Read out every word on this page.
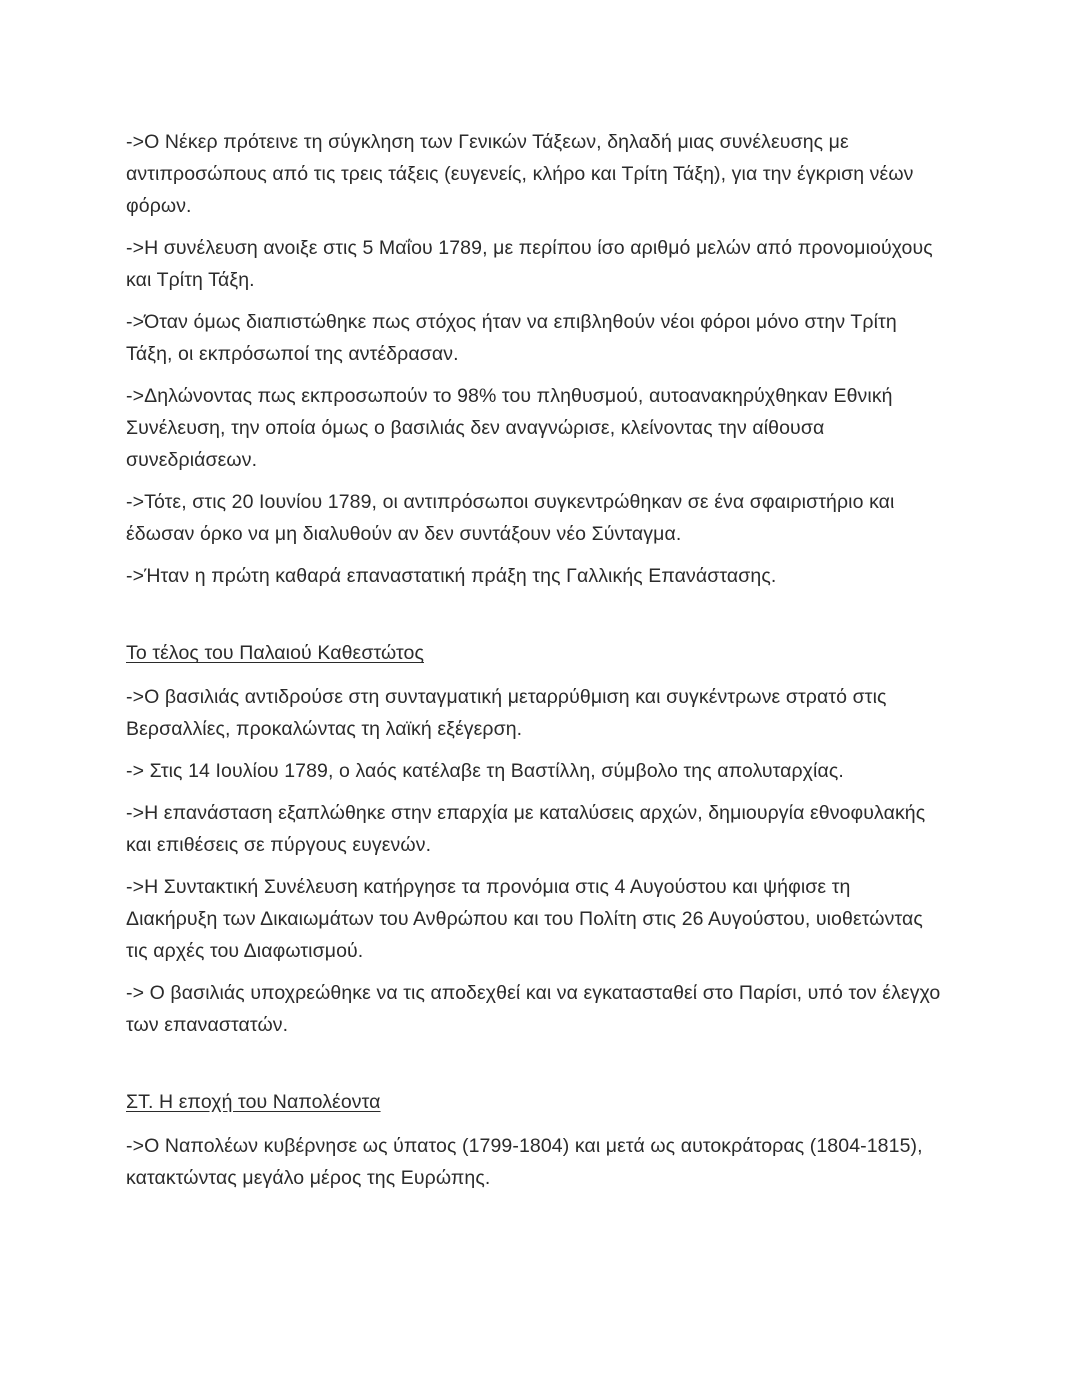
->Ο Νέκερ πρότεινε τη σύγκληση των Γενικών Τάξεων, δηλαδή μιας συνέλευσης με αντιπροσώπους από τις τρεις τάξεις (ευγενείς, κλήρο και Τρίτη Τάξη), για την έγκριση νέων φόρων.

->Η συνέλευση ανοιξε στις 5 Μαΐου 1789, με περίπου ίσο αριθμό μελών από προνομιούχους και Τρίτη Τάξη.

->Όταν όμως διαπιστώθηκε πως στόχος ήταν να επιβληθούν νέοι φόροι μόνο στην Τρίτη Τάξη, οι εκπρόσωποί της αντέδρασαν.

->Δηλώνοντας πως εκπροσωπούν το 98% του πληθυσμού, αυτοανακηρύχθηκαν Εθνική Συνέλευση, την οποία όμως ο βασιλιάς δεν αναγνώρισε, κλείνοντας την αίθουσα συνεδριάσεων.

->Τότε, στις 20 Ιουνίου 1789, οι αντιπρόσωποι συγκεντρώθηκαν σε ένα σφαιριστήριο και έδωσαν όρκο να μη διαλυθούν αν δεν συντάξουν νέο Σύνταγμα.

->Ήταν η πρώτη καθαρά επαναστατική πράξη της Γαλλικής Επανάστασης.

Το τέλος του Παλαιού Καθεστώτος

->Ο βασιλιάς αντιδρούσε στη συνταγματική μεταρρύθμιση και συγκέντρωνε στρατό στις Βερσαλλίες, προκαλώντας τη λαϊκή εξέγερση.

-> Στις 14 Ιουλίου 1789, ο λαός κατέλαβε τη Βαστίλλη, σύμβολο της απολυταρχίας.

->Η επανάσταση εξαπλώθηκε στην επαρχία με καταλύσεις αρχών, δημιουργία εθνοφυλακής και επιθέσεις σε πύργους ευγενών.

->Η Συντακτική Συνέλευση κατήργησε τα προνόμια στις 4 Αυγούστου και ψήφισε τη Διακήρυξη των Δικαιωμάτων του Ανθρώπου και του Πολίτη στις 26 Αυγούστου, υιοθετώντας τις αρχές του Διαφωτισμού.

-> Ο βασιλιάς υποχρεώθηκε να τις αποδεχθεί και να εγκατασταθεί στο Παρίσι, υπό τον έλεγχο των επαναστατών.

ΣΤ. Η εποχή του Ναπολέοντα

->Ο Ναπολέων κυβέρνησε ως ύπατος (1799-1804) και μετά ως αυτοκράτορας (1804-1815), κατακτώντας μεγάλο μέρος της Ευρώπης.
